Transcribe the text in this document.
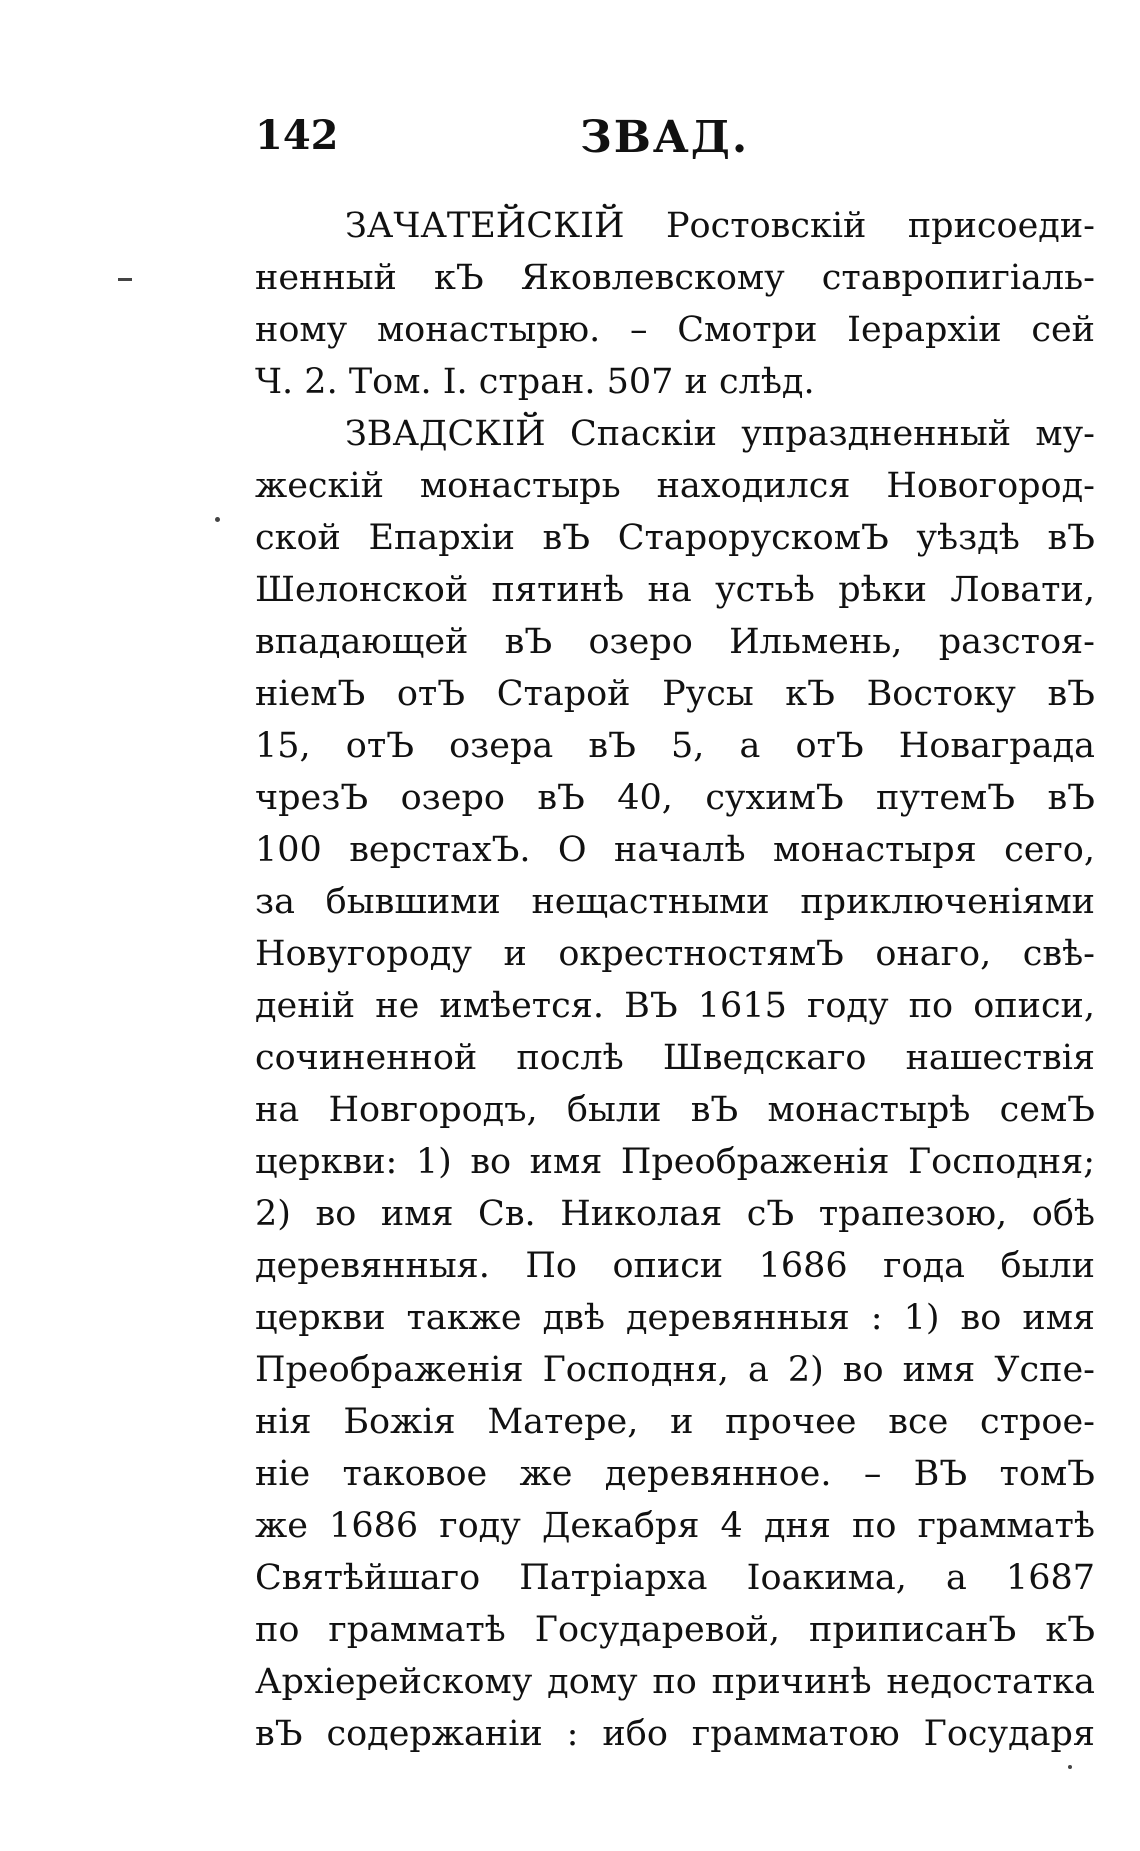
142	ЗВАД.
ЗАЧАТЕЙСКІЙ Ростовскій присоеди-
ненный кЪ Яковлевскому ставропигіаль-
ному монастырю. – Смотри Іерархіи сей
Ч. 2. Том. І. стран. 507 и слѣд.
ЗВАДСКІЙ Спаскіи упраздненный му-
жескій монастырь находился Новогород-
ской Епархіи вЪ СтарорускомЪ уѣздѣ вЪ
Шелонской пятинѣ на устьѣ рѣки Ловати,
впадающей вЪ озеро Ильмень, разстоя-
ніемЪ отЪ Старой Русы кЪ Востоку вЪ
15, отЪ озера вЪ 5, а отЪ Новаграда
чрезЪ озеро вЪ 40, сухимЪ путемЪ вЪ
100 верстахЪ. О началѣ монастыря сего,
за бывшими нещастными приключеніями
Новугороду и окрестностямЪ онаго, свѣ-
деній не имѣется. ВЪ 1615 году по описи,
сочиненной послѣ Шведскаго нашествія
на Новгородъ, были вЪ монастырѣ семЪ
церкви: 1) во имя Преображенія Господня;
2) во имя Св. Николая сЪ трапезою, обѣ
деревянныя. По описи 1686 года были
церкви также двѣ деревянныя : 1) во имя
Преображенія Господня, а 2) во имя Успе-
нія Божія Матере, и прочее все строе-
ніе таковое же деревянное. – ВЪ томЪ
же 1686 году Декабря 4 дня по грамматѣ
Святѣйшаго Патріарха Іоакима, а 1687
по грамматѣ Государевой, приписанЪ кЪ
Архіерейскому дому по причинѣ недостатка
вЪ содержаніи : ибо грамматою Государя
